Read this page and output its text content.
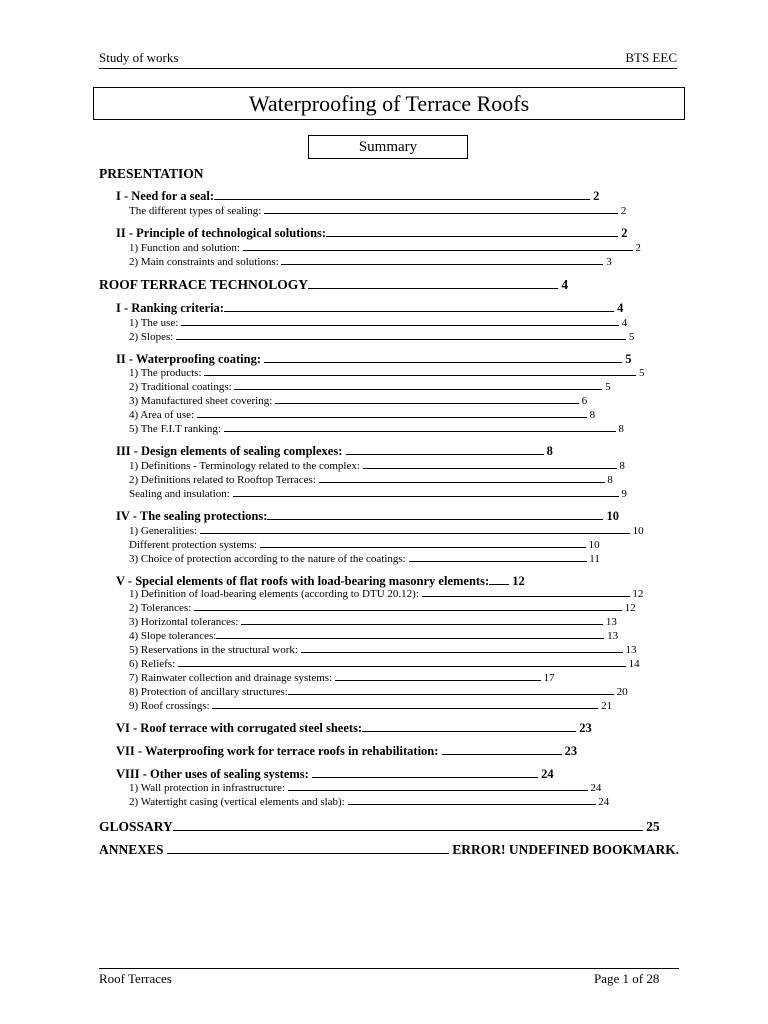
Study of works	BTS EEC
Waterproofing of Terrace Roofs
Summary
PRESENTATION
I - Need for a seal:	2
The different types of sealing:	2
II - Principle of technological solutions:	2
1) Function and solution:	2
2) Main constraints and solutions:	3
ROOF TERRACE TECHNOLOGY	4
I - Ranking criteria:	4
1) The use:	4
2) Slopes:	5
II - Waterproofing coating:	5
1) The products:	5
2) Traditional coatings:	5
3) Manufactured sheet covering:	6
4) Area of use:	8
5) The F.I.T ranking:	8
III - Design elements of sealing complexes:	8
1) Definitions - Terminology related to the complex:	8
2) Definitions related to Rooftop Terraces:	8
Sealing and insulation:	9
IV - The sealing protections:	10
1) Generalities:	10
Different protection systems:	10
3) Choice of protection according to the nature of the coatings:	11
V - Special elements of flat roofs with load-bearing masonry elements: 12
1) Definition of load-bearing elements (according to DTU 20.12):	12
2) Tolerances:	12
3) Horizontal tolerances:	13
4) Slope tolerances:	13
5) Reservations in the structural work:	13
6) Reliefs:	14
7) Rainwater collection and drainage systems:	17
8) Protection of ancillary structures:	20
9) Roof crossings:	21
VI - Roof terrace with corrugated steel sheets:	23
VII - Waterproofing work for terrace roofs in rehabilitation:	23
VIII - Other uses of sealing systems:	24
1) Wall protection in infrastructure:	24
2) Watertight casing (vertical elements and slab):	24
GLOSSARY	25
ANNEXES	ERROR! UNDEFINED BOOKMARK.
Roof Terraces	Page 1 of 28
